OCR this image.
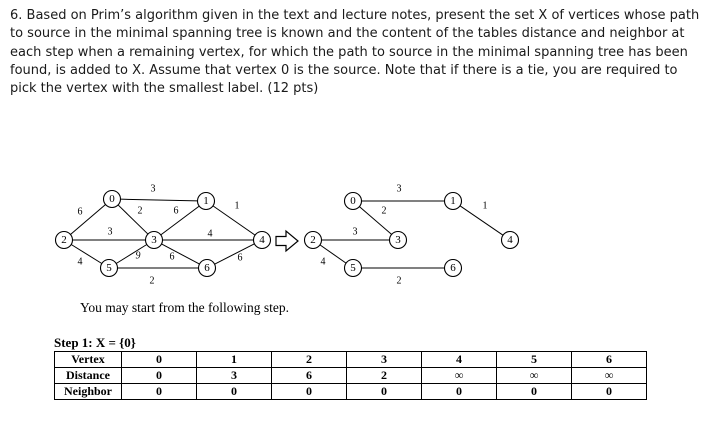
6. Based on Prim’s algorithm given in the text and lecture notes, present the set X of vertices whose path to source in the minimal spanning tree is known and the content of the tables distance and neighbor at each step when a remaining vertex, for which the path to source in the minimal spanning tree has been found, is added to X. Assume that vertex 0 is the source. Note that if there is a tie, you are required to pick the vertex with the smallest label. (12 pts)

3
6	2	6	1
3
4
4
9	6
2
6
0	1
2	3	4
5	6
3
2	1
3
4
2
0	1
2	3	4
5	6
You may start from the following step.
Step 1: X = {0}
Vertex	0	1	2	3	4	5	6
Distance	0	3	6	2	∞	∞	∞
Neighbor	0	0	0	0	0	0	0
